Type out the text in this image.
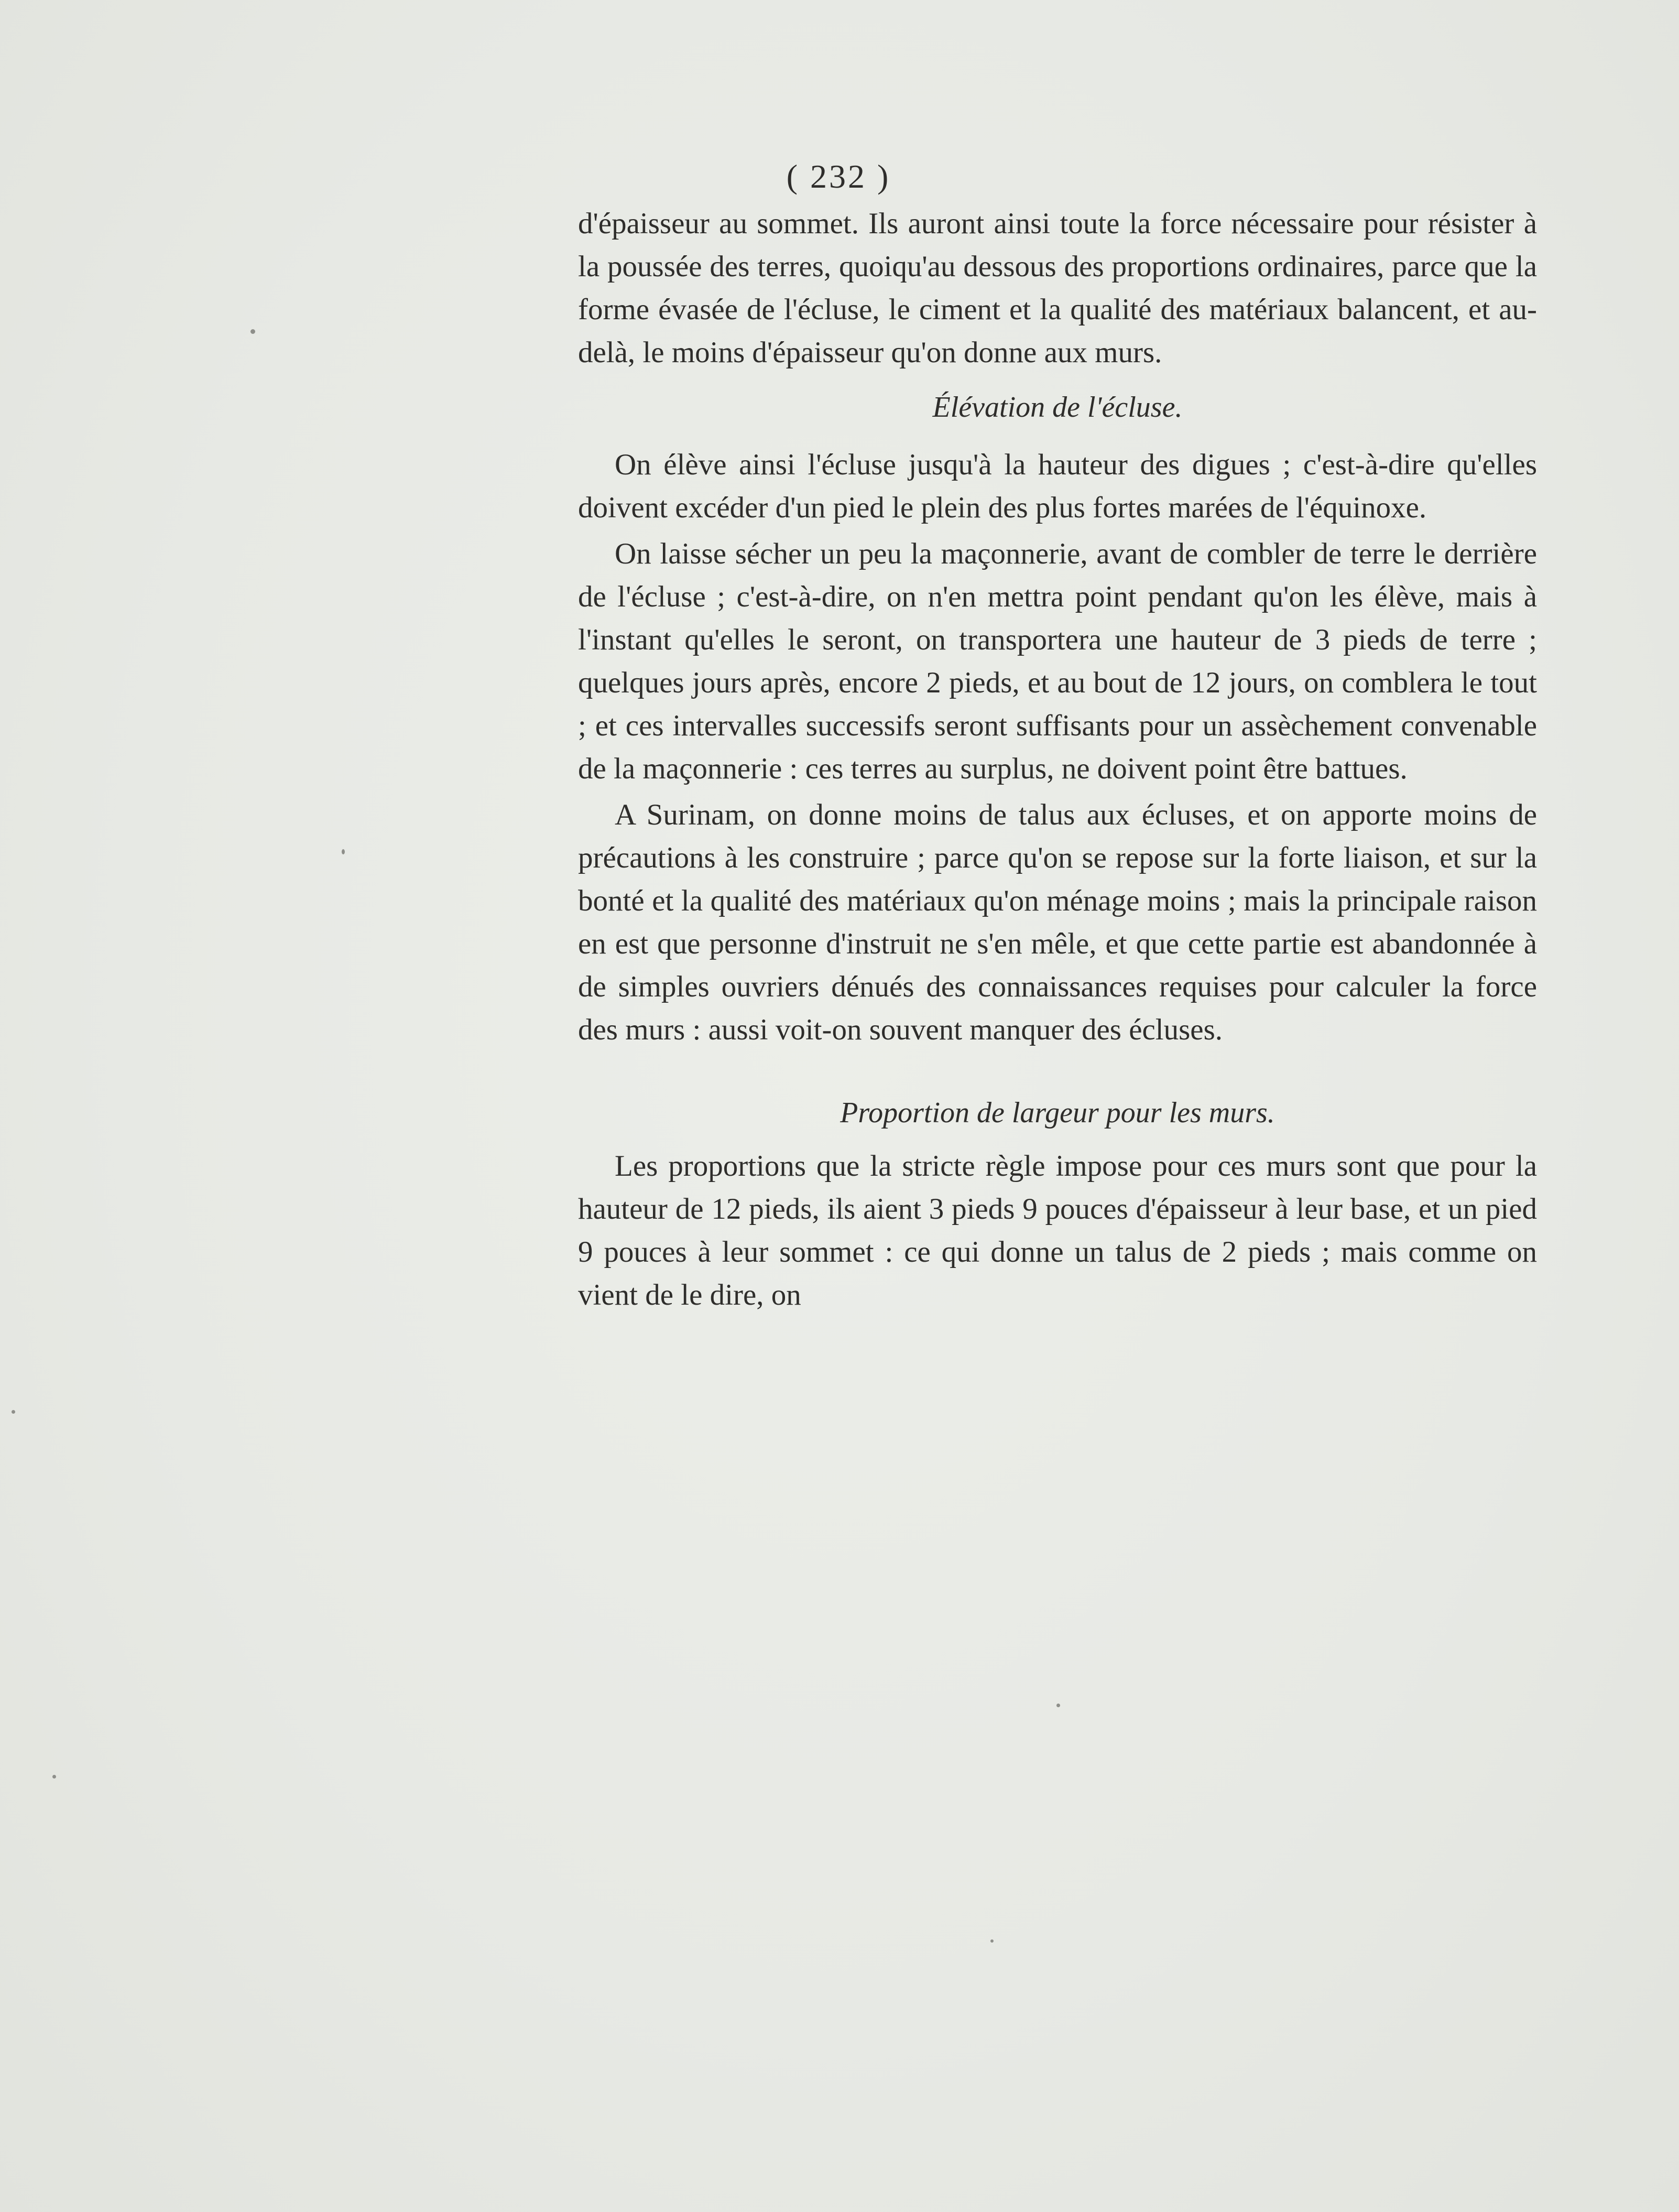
( 232 )

d'épaisseur au sommet. Ils auront ainsi toute la force nécessaire pour résister à la poussée des terres, quoiqu'au dessous des proportions ordinaires, parce que la forme évasée de l'écluse, le ciment et la qualité des matériaux balancent, et au-delà, le moins d'épaisseur qu'on donne aux murs.

Élévation de l'écluse.

On élève ainsi l'écluse jusqu'à la hauteur des digues ; c'est-à-dire qu'elles doivent excéder d'un pied le plein des plus fortes marées de l'équinoxe.

On laisse sécher un peu la maçonnerie, avant de combler de terre le derrière de l'écluse ; c'est-à-dire, on n'en mettra point pendant qu'on les élève, mais à l'instant qu'elles le seront, on transportera une hauteur de 3 pieds de terre ; quelques jours après, encore 2 pieds, et au bout de 12 jours, on comblera le tout ; et ces intervalles successifs seront suffisants pour un assèchement convenable de la maçonnerie : ces terres au surplus, ne doivent point être battues.

A Surinam, on donne moins de talus aux écluses, et on apporte moins de précautions à les construire ; parce qu'on se repose sur la forte liaison, et sur la bonté et la qualité des matériaux qu'on ménage moins ; mais la principale raison en est que personne d'instruit ne s'en mêle, et que cette partie est abandonnée à de simples ouvriers dénués des connaissances requises pour calculer la force des murs : aussi voit-on souvent manquer des écluses.

Proportion de largeur pour les murs.

Les proportions que la stricte règle impose pour ces murs sont que pour la hauteur de 12 pieds, ils aient 3 pieds 9 pouces d'épaisseur à leur base, et un pied 9 pouces à leur sommet : ce qui donne un talus de 2 pieds ; mais comme on vient de le dire, on
